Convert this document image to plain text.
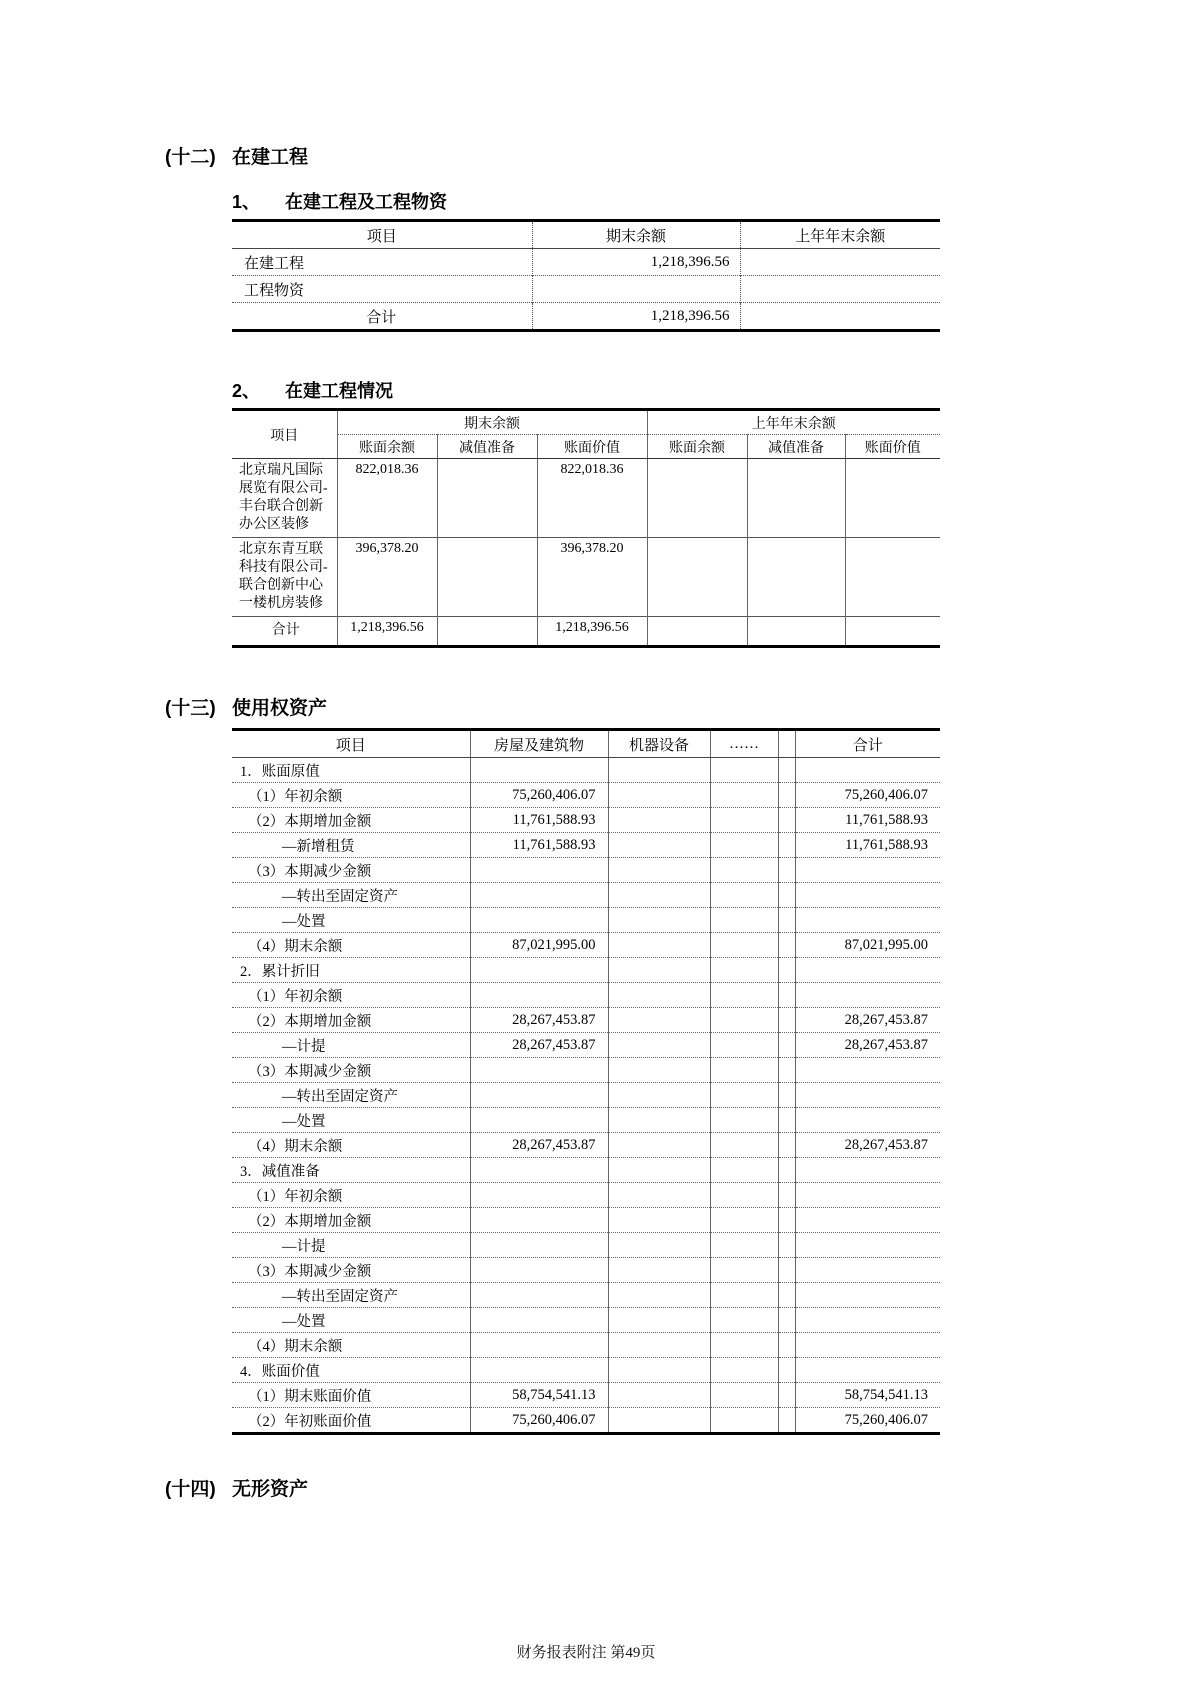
(十二) 在建工程
1、	在建工程及工程物资
项目	期末余额	上年年末余额
在建工程	1,218,396.56	
工程物资		
合计	1,218,396.56	
2、	在建工程情况
项目	期末余额			上年年末余额		
	账面余额	减值准备	账面价值	账面余额	减值准备	账面价值
北京瑞凡国际展览有限公司-丰台联合创新办公区装修	822,018.36		822,018.36			
北京东青互联科技有限公司-联合创新中心一楼机房装修	396,378.20		396,378.20			
合计	1,218,396.56		1,218,396.56			
(十三) 使用权资产
项目	房屋及建筑物	机器设备	……		合计
1．账面原值					
（1）年初余额	75,260,406.07				75,260,406.07
（2）本期增加金额	11,761,588.93				11,761,588.93
—新增租赁	11,761,588.93				11,761,588.93
（3）本期减少金额					
—转出至固定资产					
—处置					
（4）期末余额	87,021,995.00				87,021,995.00
2．累计折旧					
（1）年初余额					
（2）本期增加金额	28,267,453.87				28,267,453.87
—计提	28,267,453.87				28,267,453.87
（3）本期减少金额					
—转出至固定资产					
—处置					
（4）期末余额	28,267,453.87				28,267,453.87
3．减值准备					
（1）年初余额					
（2）本期增加金额					
—计提					
（3）本期减少金额					
—转出至固定资产					
—处置					
（4）期末余额					
4．账面价值					
（1）期末账面价值	58,754,541.13				58,754,541.13
（2）年初账面价值	75,260,406.07				75,260,406.07
(十四) 无形资产
财务报表附注 第49页
